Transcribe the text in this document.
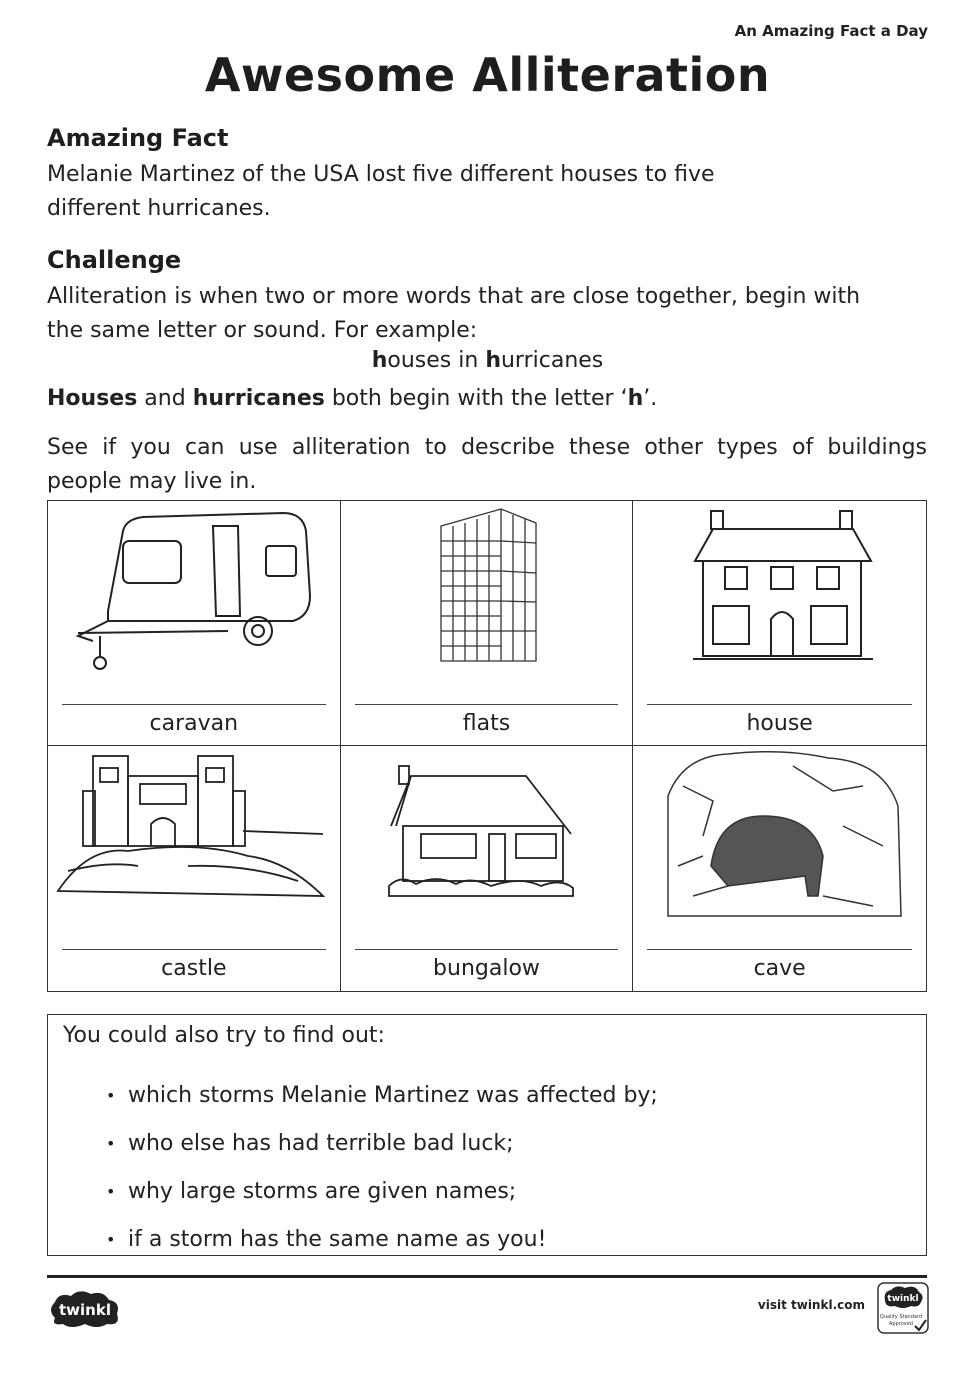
An Amazing Fact a Day
Awesome Alliteration
Amazing Fact
Melanie Martinez of the USA lost five different houses to five
different hurricanes.
Challenge
Alliteration is when two or more words that are close together, begin with
the same letter or sound. For example:
houses in hurricanes
Houses and hurricanes both begin with the letter ‘h’.
See if you can use alliteration to describe these other types of buildings
people may live in.
caravan	flats	house
castle	bungalow	cave
You could also try to find out:
• which storms Melanie Martinez was affected by;
• who else has had terrible bad luck;
• why large storms are given names;
• if a storm has the same name as you!
twinkl	visit twinkl.com twinkl
Quality Standard
Approved
